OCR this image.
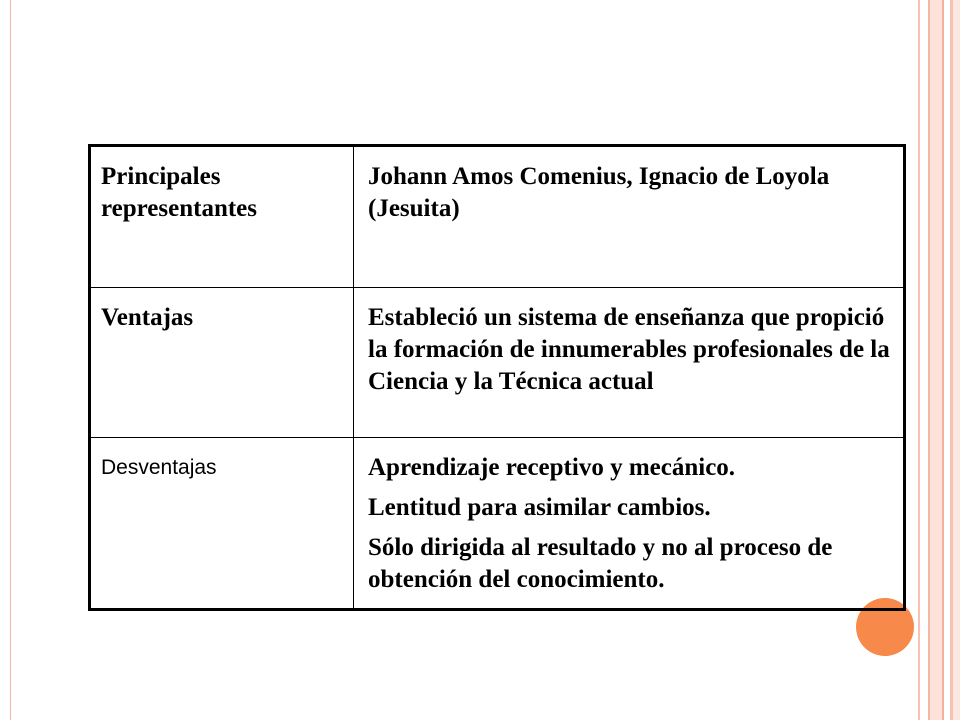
Principales representantes	Johann Amos Comenius, Ignacio de Loyola (Jesuita)

Ventajas	Estableció un sistema de enseñanza que propició la formación de innumerables profesionales de la Ciencia y la Técnica actual

Desventajas	Aprendizaje receptivo y mecánico.

Lentitud para asimilar cambios.

Sólo dirigida al resultado y no al proceso de obtención del conocimiento.
